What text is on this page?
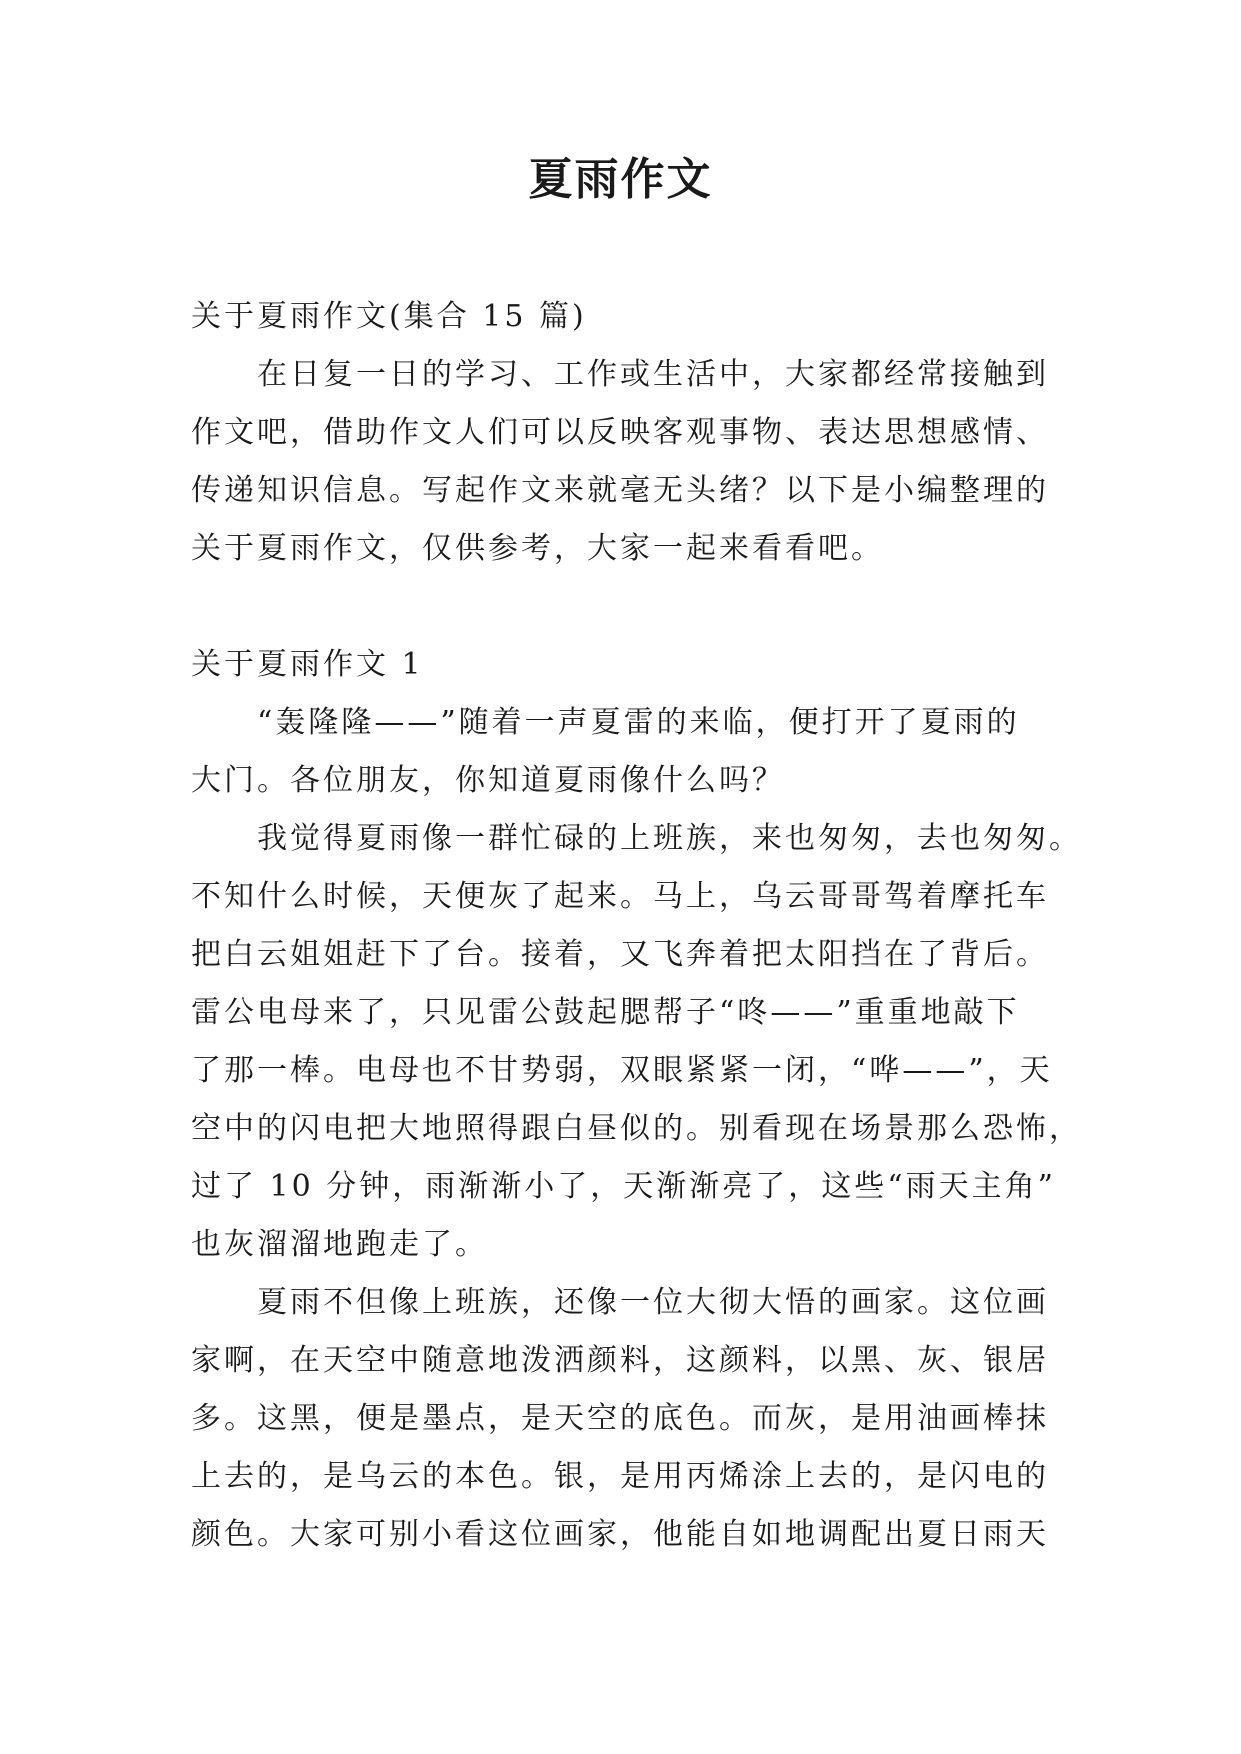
夏雨作文
关于夏雨作文(集合 15 篇)
　　在日复一日的学习、工作或生活中，大家都经常接触到
作文吧，借助作文人们可以反映客观事物、表达思想感情、
传递知识信息。写起作文来就毫无头绪？以下是小编整理的
关于夏雨作文，仅供参考，大家一起来看看吧。
关于夏雨作文 1
　　“轰隆隆——”随着一声夏雷的来临，便打开了夏雨的
大门。各位朋友，你知道夏雨像什么吗？
　　我觉得夏雨像一群忙碌的上班族，来也匆匆，去也匆匆。
不知什么时候，天便灰了起来。马上，乌云哥哥驾着摩托车
把白云姐姐赶下了台。接着，又飞奔着把太阳挡在了背后。
雷公电母来了，只见雷公鼓起腮帮子“咚——”重重地敲下
了那一棒。电母也不甘势弱，双眼紧紧一闭，“哗——”，天
空中的闪电把大地照得跟白昼似的。别看现在场景那么恐怖，
过了 10 分钟，雨渐渐小了，天渐渐亮了，这些“雨天主角”
也灰溜溜地跑走了。
　　夏雨不但像上班族，还像一位大彻大悟的画家。这位画
家啊，在天空中随意地泼洒颜料，这颜料，以黑、灰、银居
多。这黑，便是墨点，是天空的底色。而灰，是用油画棒抹
上去的，是乌云的本色。银，是用丙烯涂上去的，是闪电的
颜色。大家可别小看这位画家，他能自如地调配出夏日雨天
